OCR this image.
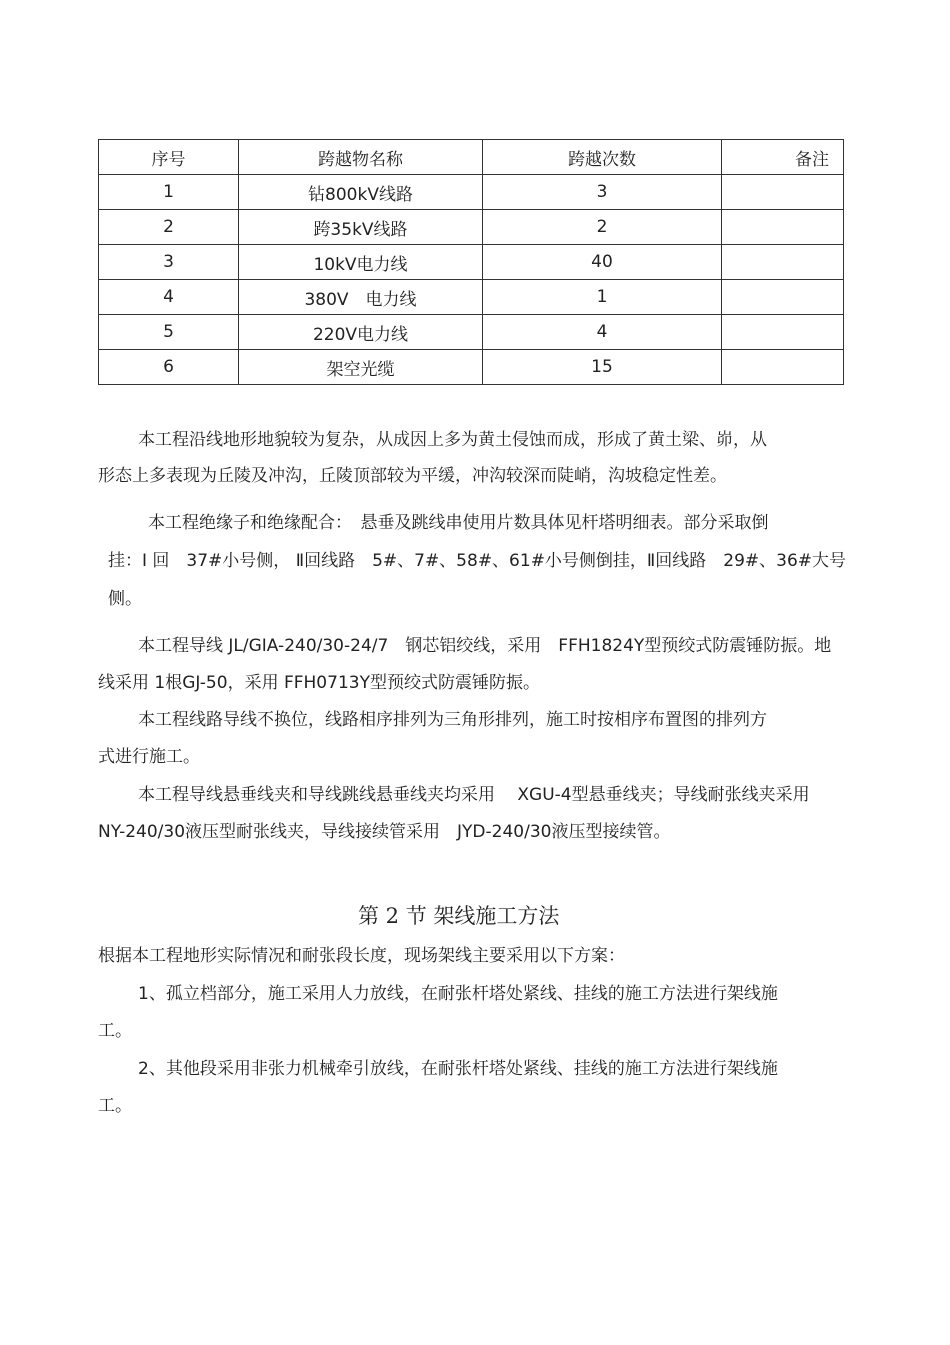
序号	跨越物名称	跨越次数	备注
1	钻800kV线路	3	
2	跨35kV线路	2	
3	10kV电力线	40	
4	380V　电力线	1	
5	220V电力线	4	
6	架空光缆	15	
本工程沿线地形地貌较为复杂，从成因上多为黄土侵蚀而成，形成了黄土梁、峁，从
形态上多表现为丘陵及冲沟，丘陵顶部较为平缓，冲沟较深而陡峭，沟坡稳定性差。
本工程绝缘子和绝缘配合：　悬垂及跳线串使用片数具体见杆塔明细表。部分采取倒
挂：Ⅰ 回　37#小号侧， Ⅱ回线路　5#、7#、58#、61#小号侧倒挂，Ⅱ回线路　29#、36#大号
侧。
本工程导线 JL/GIA-240/30-24/7　钢芯铝绞线，采用　FFH1824Y型预绞式防震锤防振。地
线采用 1根GJ-50，采用 FFH0713Y型预绞式防震锤防振。
本工程线路导线不换位，线路相序排列为三角形排列，施工时按相序布置图的排列方
式进行施工。
本工程导线悬垂线夹和导线跳线悬垂线夹均采用　 XGU-4型悬垂线夹；导线耐张线夹采用
NY-240/30液压型耐张线夹，导线接续管采用　JYD-240/30液压型接续管。
第 2 节 架线施工方法
根据本工程地形实际情况和耐张段长度，现场架线主要采用以下方案：
1、孤立档部分，施工采用人力放线，在耐张杆塔处紧线、挂线的施工方法进行架线施
工。
2、其他段采用非张力机械牵引放线，在耐张杆塔处紧线、挂线的施工方法进行架线施
工。
